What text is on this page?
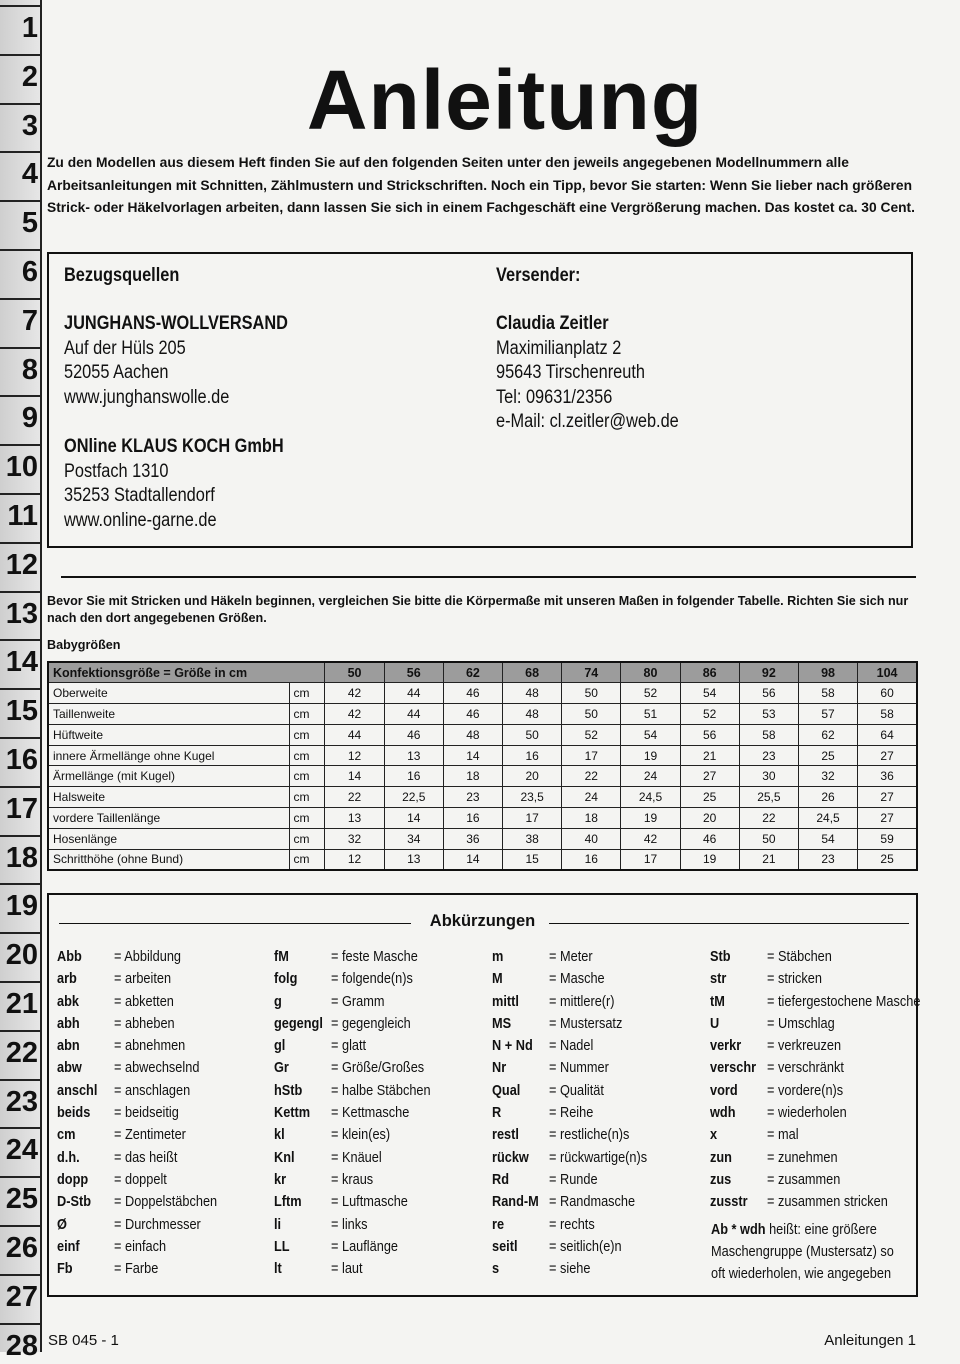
1
2
3
4
5
6
7
8
9
10
11
12
13
14
15
16
17
18
19
20
21
22
23
24
25
26
27
28
Anleitung

Zu den Modellen aus diesem Heft finden Sie auf den folgenden Seiten unter den jeweils angegebenen Modellnummern alle Arbeitsanleitungen mit Schnitten, Zählmustern und Strickschriften. Noch ein Tipp, bevor Sie starten: Wenn Sie lieber nach größeren Strick- oder Häkelvorlagen arbeiten, dann lassen Sie sich in einem Fachgeschäft eine Vergrößerung machen. Das kostet ca. 30 Cent.

Bezugsquellen
JUNGHANS-WOLLVERSAND
Auf der Hüls 205
52055 Aachen
www.junghanswolle.de
ONline KLAUS KOCH GmbH
Postfach 1310
35253 Stadtallendorf
www.online-garne.de
Versender:
Claudia Zeitler
Maximilianplatz 2
95643 Tirschenreuth
Tel: 09631/2356
e-Mail: cl.zeitler@web.de

Bevor Sie mit Stricken und Häkeln beginnen, vergleichen Sie bitte die Körpermaße mit unseren Maßen in folgender Tabelle. Richten Sie sich nur nach den dort angegebenen Größen.

Babygrößen

Konfektionsgröße = Größe in cm		50	56	62	68	74	80	86	92	98	104
Oberweite	cm	42	44	46	48	50	52	54	56	58	60
Taillenweite	cm	42	44	46	48	50	51	52	53	57	58
Hüftweite	cm	44	46	48	50	52	54	56	58	62	64
innere Ärmellänge ohne Kugel	cm	12	13	14	16	17	19	21	23	25	27
Ärmellänge (mit Kugel)	cm	14	16	18	20	22	24	27	30	32	36
Halsweite	cm	22	22,5	23	23,5	24	24,5	25	25,5	26	27
vordere Taillenlänge	cm	13	14	16	17	18	19	20	22	24,5	27
Hosenlänge	cm	32	34	36	38	40	42	46	50	54	59
Schritthöhe (ohne Bund)	cm	12	13	14	15	16	17	19	21	23	25

Abkürzungen

Abb = Abbildung
arb = arbeiten
abk = abketten
abh = abheben
abn = abnehmen
abw = abwechselnd
anschl = anschlagen
beids = beidseitig
cm	= Zentimeter
d.h. = das heißt
dopp = doppelt
D-Stb = Doppelstäbchen
Ø	= Durchmesser
einf = einfach
Fb	= Farbe
fM	= feste Masche
folg = folgende(n)s
g	= Gramm
gegengl = gegengleich
gl	= glatt
Gr	= Größe/Großes
hStb = halbe Stäbchen
Kettm = Kettmasche
kl	= klein(es)
Knl = Knäuel
kr	= kraus
Lftm = Luftmasche
li	= links
LL	= Lauflänge
lt	= laut
m	= Meter
M	= Masche
mittl = mittlere(r)
MS	= Mustersatz
N + Nd = Nadel
Nr	= Nummer
Qual = Qualität
R	= Reihe
restl = restliche(n)s
rückw = rückwartige(n)s
Rd	= Runde
Rand-M = Randmasche
re	= rechts
seitl = seitlich(e)n
s	= siehe
Stb = Stäbchen
str	= stricken
tM	= tiefergestochene Masche
U	= Umschlag
verkr = verkreuzen
verschr = verschränkt
vord = vordere(n)s
wdh = wiederholen
x	= mal
zun = zunehmen
zus = zusammen
zusstr = zusammen stricken
Ab * wdh heißt: eine größere Maschengruppe (Mustersatz) so oft wiederholen, wie angegeben

SB 045 - 1	Anleitungen 1
